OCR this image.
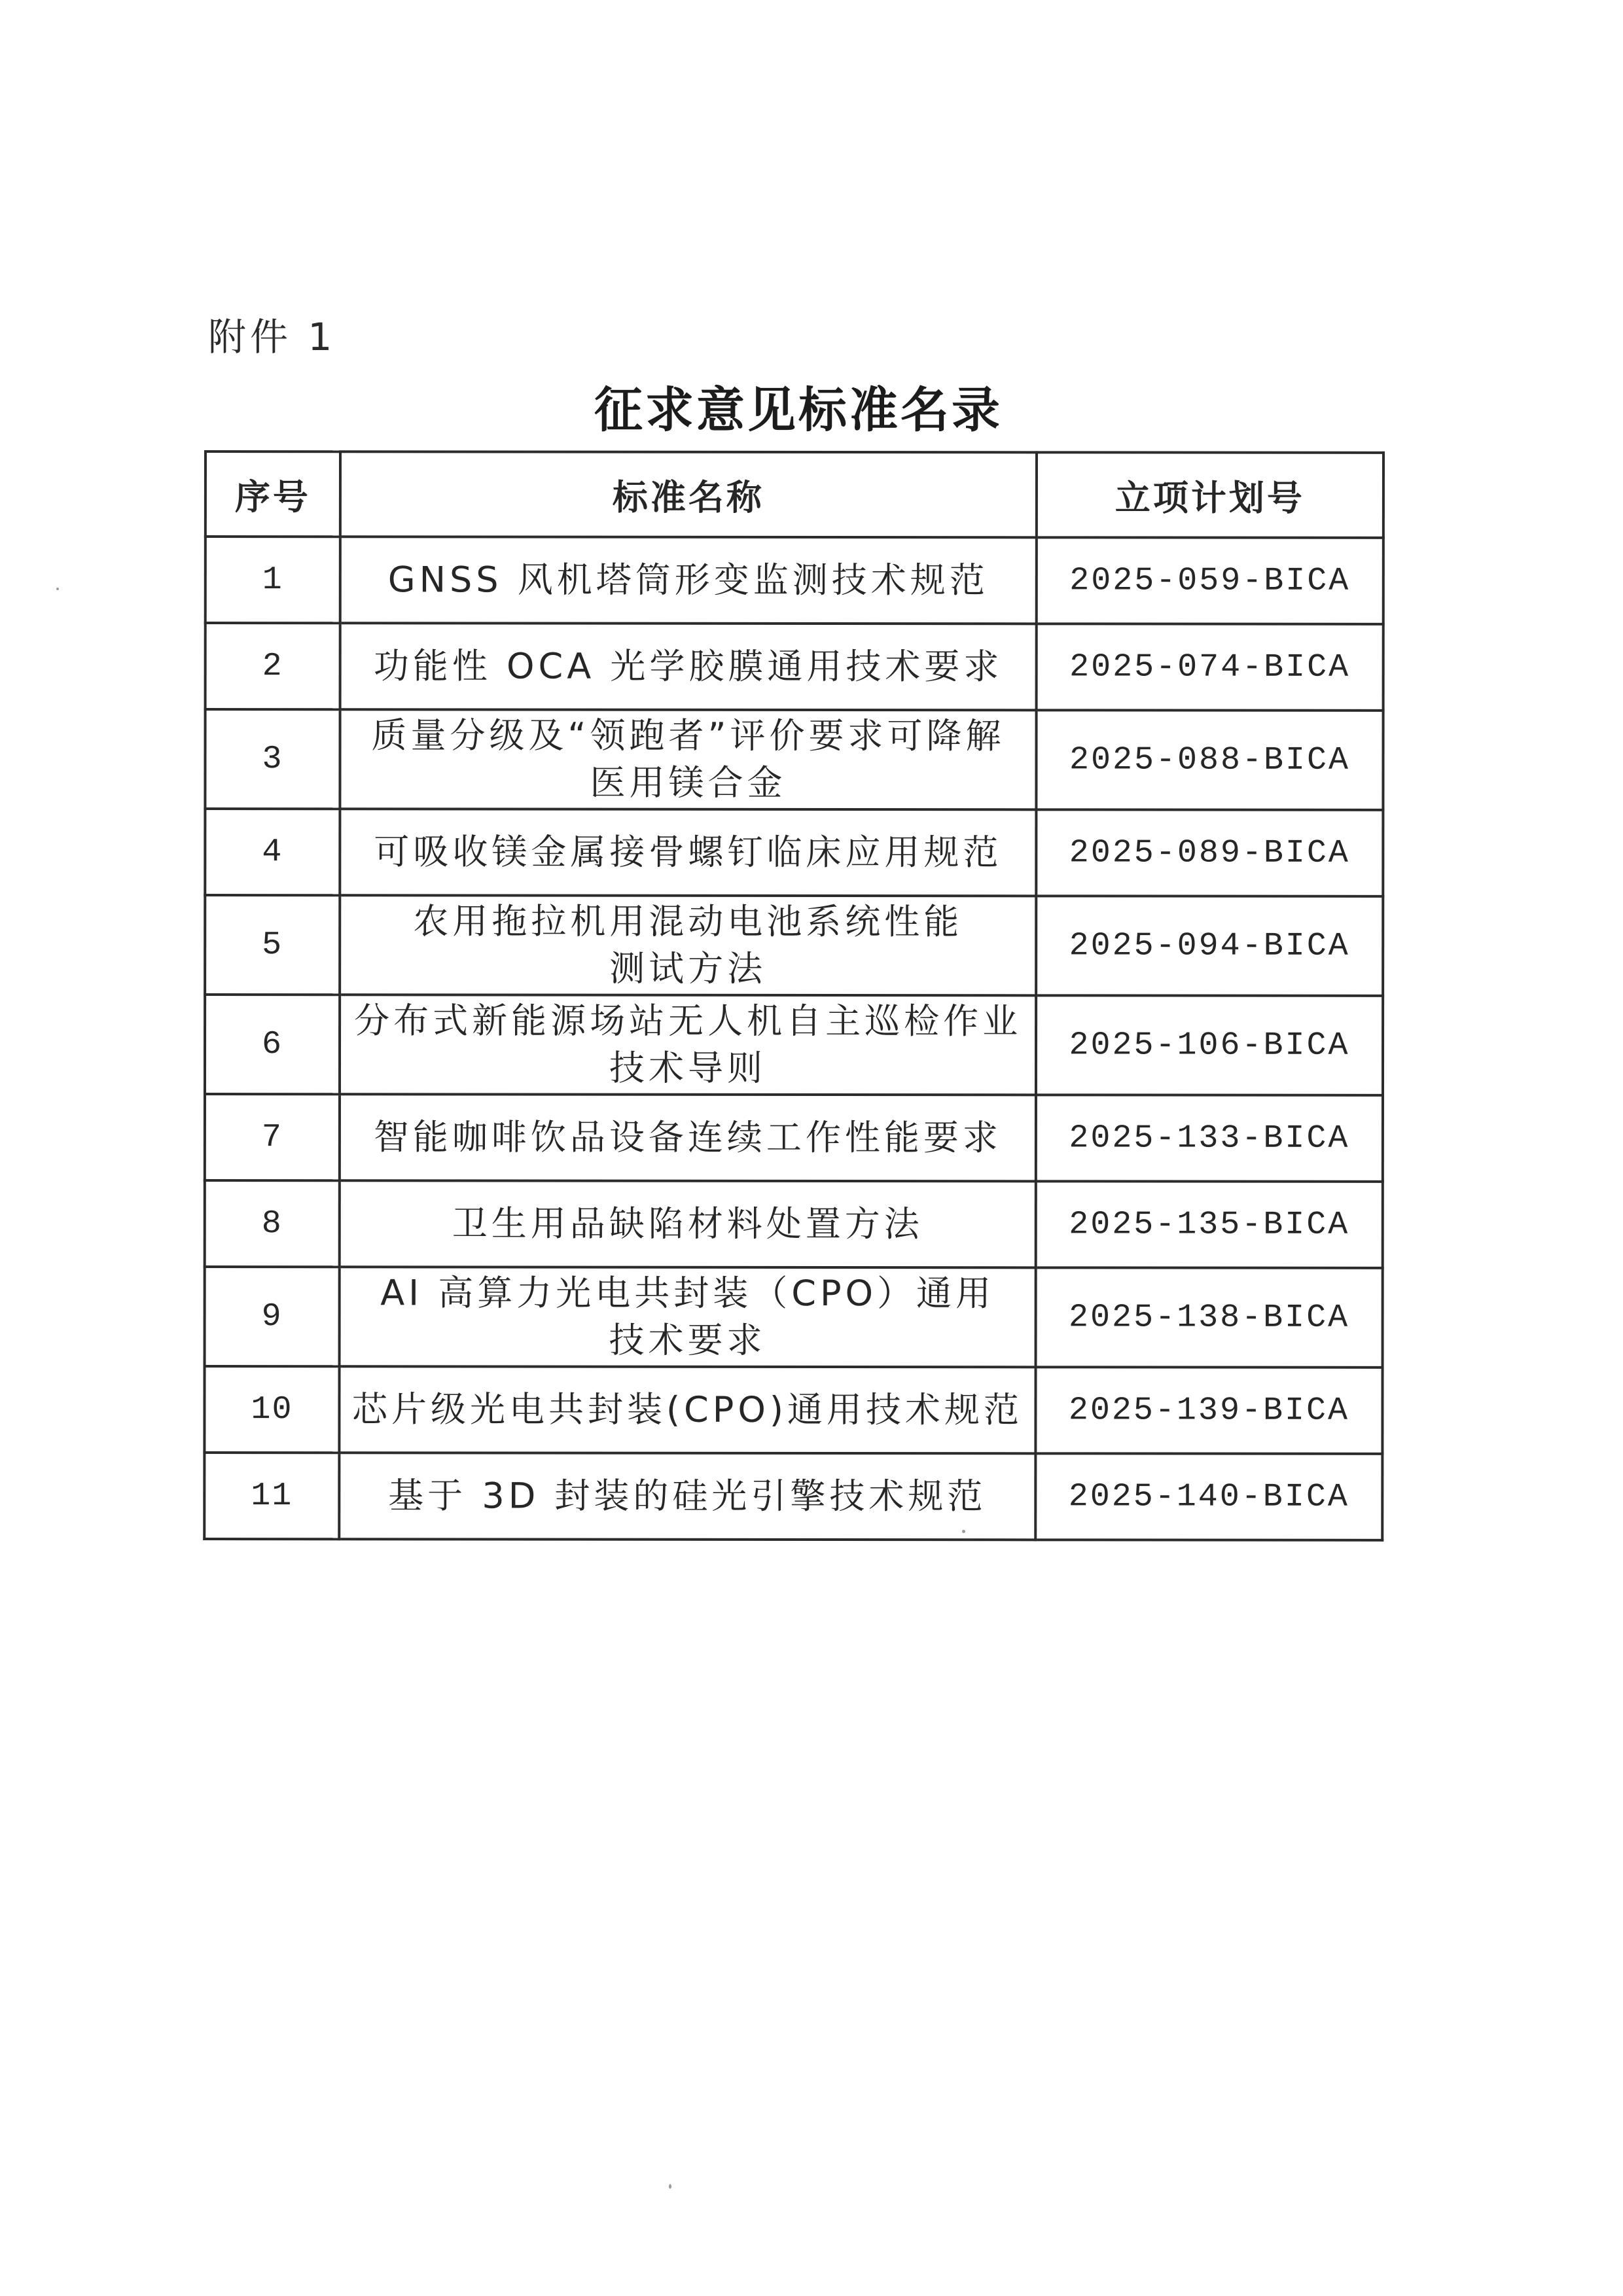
附件 1
征求意见标准名录
序号	标准名称	立项计划号
1	GNSS 风机塔筒形变监测技术规范	2025-059-BICA
2	功能性 OCA 光学胶膜通用技术要求	2025-074-BICA
3	质量分级及“领跑者”评价要求可降解
医用镁合金	2025-088-BICA
4	可吸收镁金属接骨螺钉临床应用规范	2025-089-BICA
5	农用拖拉机用混动电池系统性能
测试方法	2025-094-BICA
6	分布式新能源场站无人机自主巡检作业
技术导则	2025-106-BICA
7	智能咖啡饮品设备连续工作性能要求	2025-133-BICA
8	卫生用品缺陷材料处置方法	2025-135-BICA
9	AI 高算力光电共封装（CPO）通用
技术要求	2025-138-BICA
10	芯片级光电共封装(CPO)通用技术规范	2025-139-BICA
11	基于 3D 封装的硅光引擎技术规范	2025-140-BICA
